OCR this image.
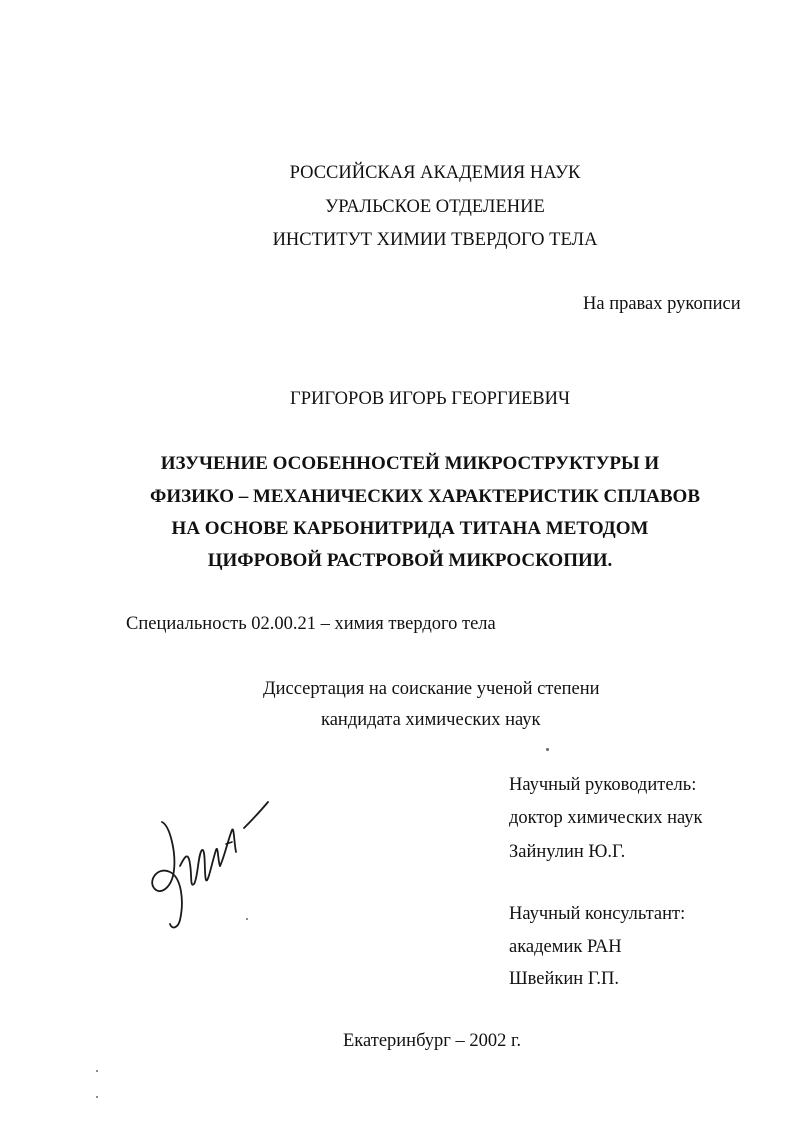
РОССИЙСКАЯ АКАДЕМИЯ НАУК
УРАЛЬСКОЕ ОТДЕЛЕНИЕ
ИНСТИТУТ ХИМИИ ТВЕРДОГО ТЕЛА
На правах рукописи
ГРИГОРОВ ИГОРЬ ГЕОРГИЕВИЧ
ИЗУЧЕНИЕ ОСОБЕННОСТЕЙ МИКРОСТРУКТУРЫ И
ФИЗИКО – МЕХАНИЧЕСКИХ ХАРАКТЕРИСТИК СПЛАВОВ
НА ОСНОВЕ КАРБОНИТРИДА ТИТАНА МЕТОДОМ
ЦИФРОВОЙ РАСТРОВОЙ МИКРОСКОПИИ.
Специальность 02.00.21 – химия твердого тела
Диссертация на соискание ученой степени
кандидата химических наук
Научный руководитель:
доктор химических наук
Зайнулин Ю.Г.
Научный консультант:
академик РАН
Швейкин Г.П.
Екатеринбург – 2002 г.
